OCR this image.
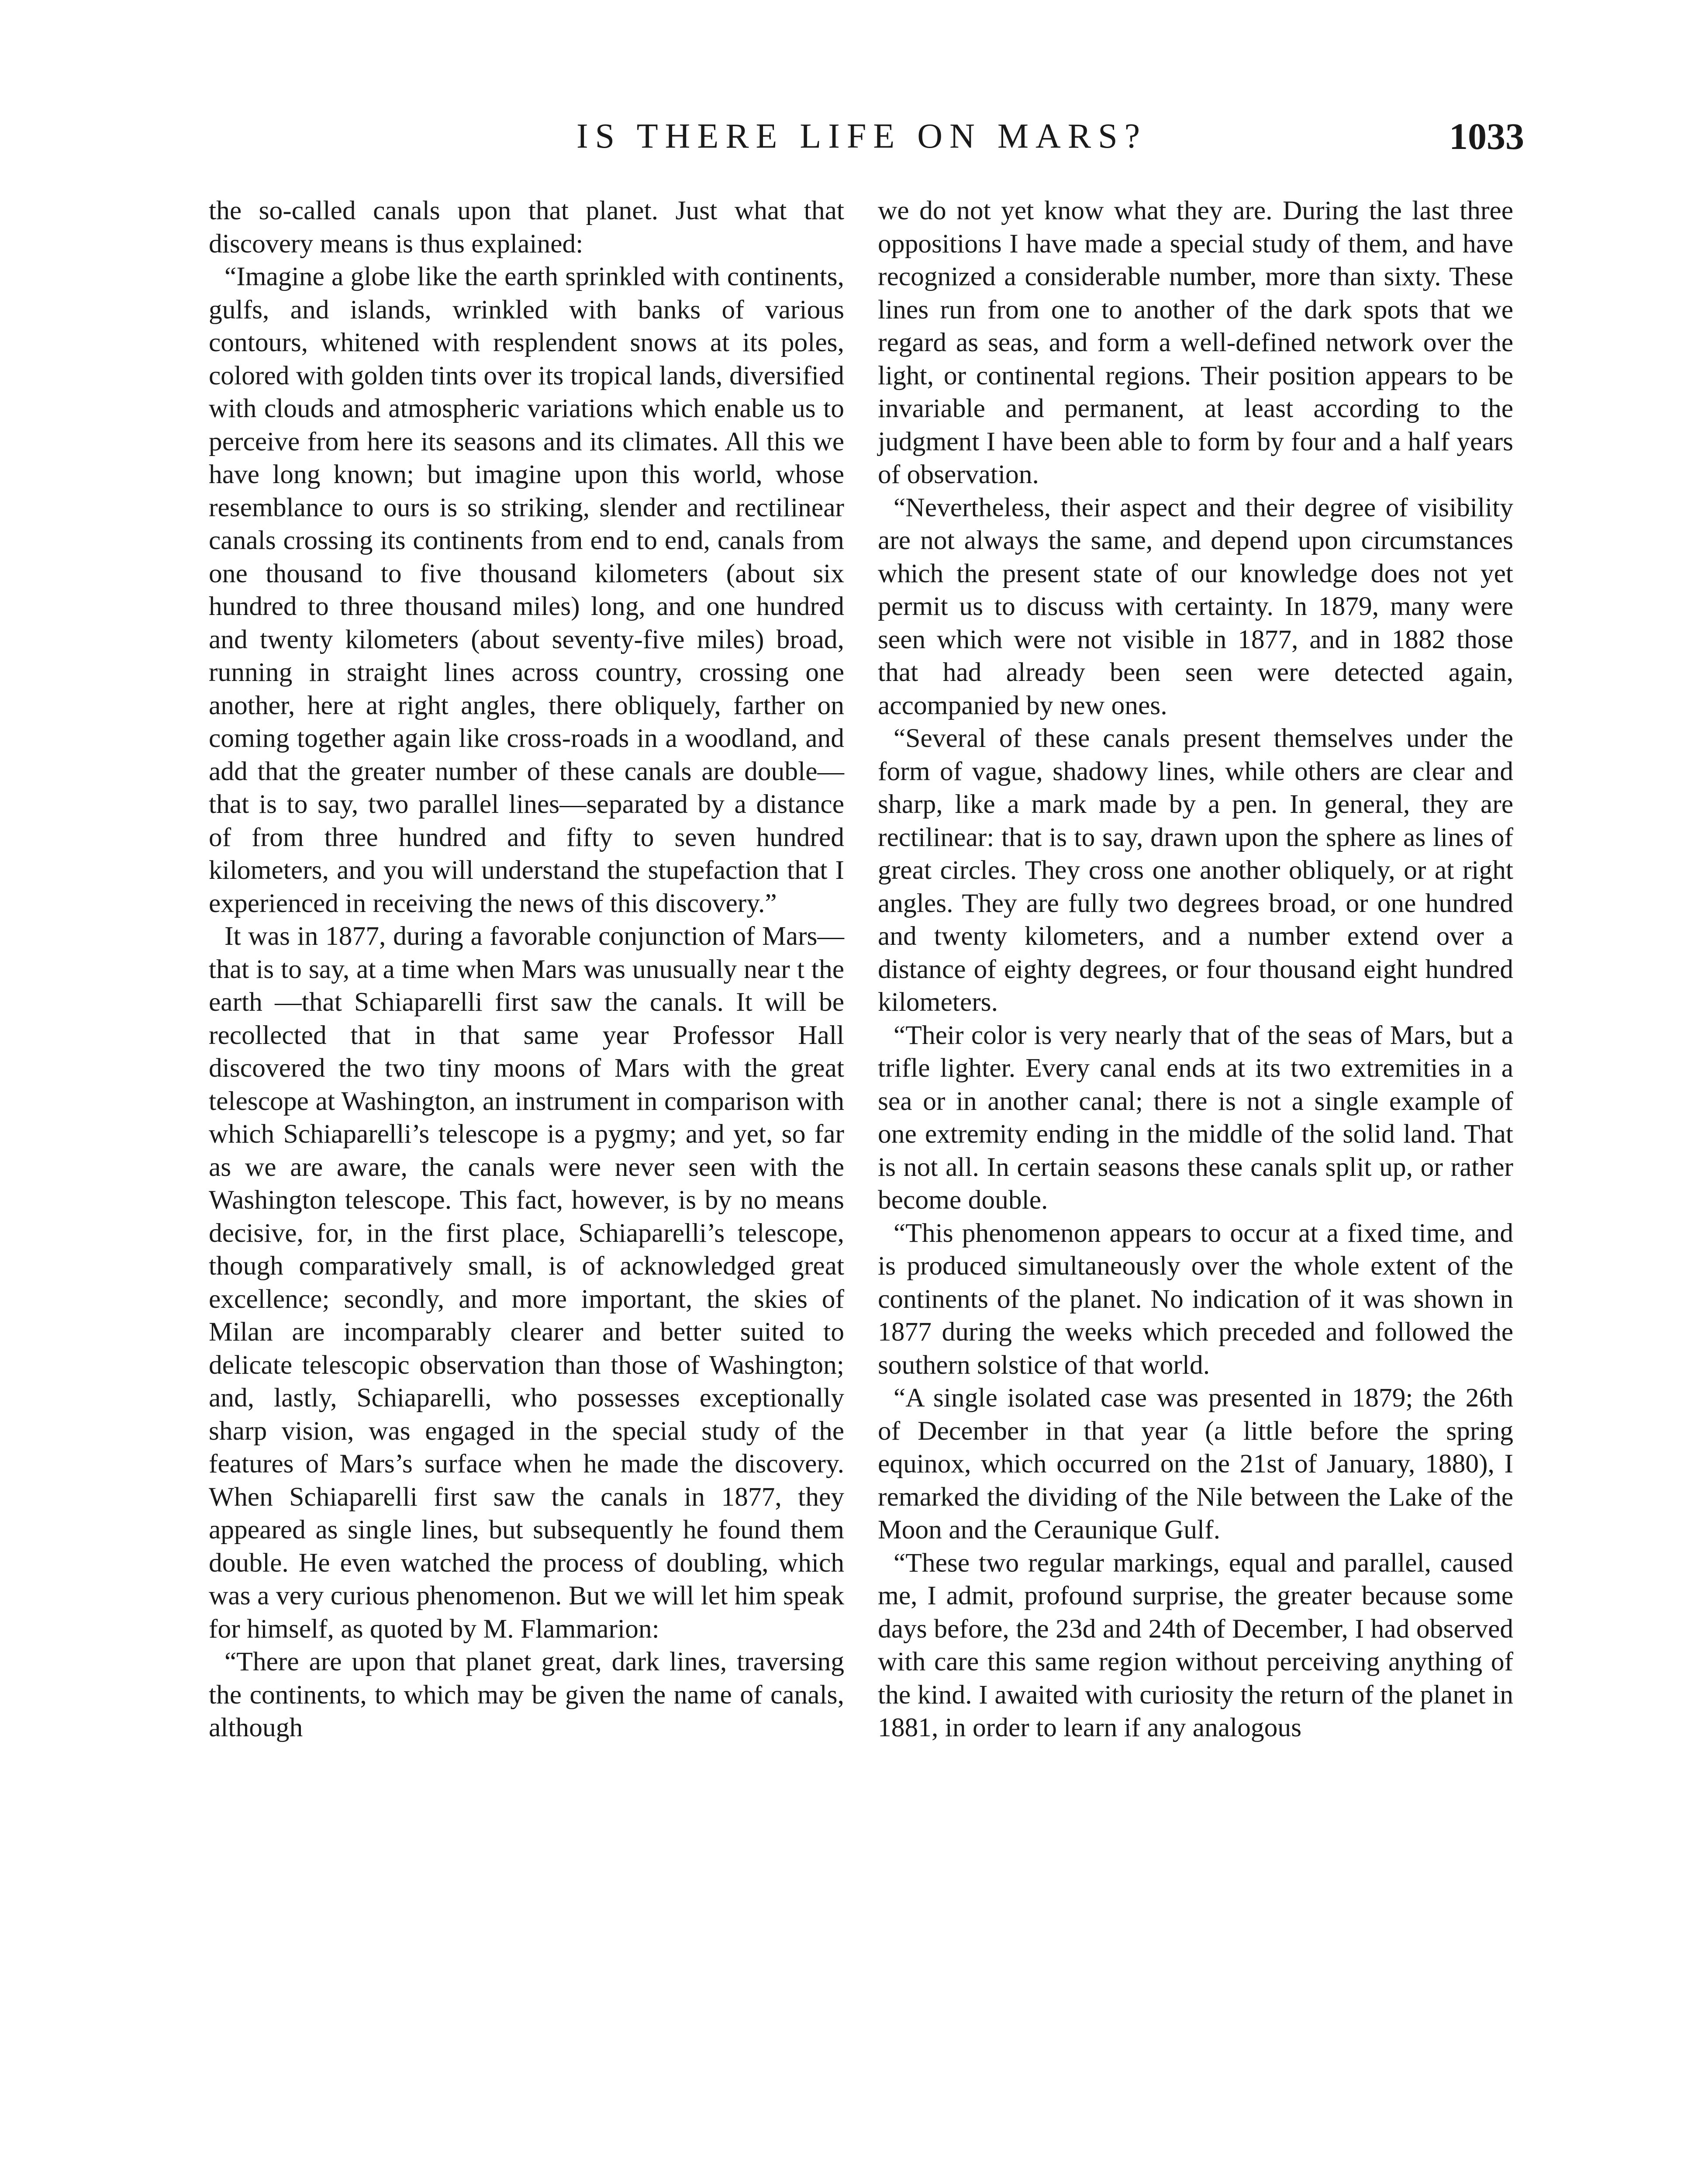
IS THERE LIFE ON MARS?	1033

the so-called canals upon that planet. Just what that discovery means is thus explained:

“Imagine a globe like the earth sprinkled with continents, gulfs, and islands, wrinkled with banks of various contours, whitened with resplendent snows at its poles, colored with golden tints over its tropical lands, diversified with clouds and atmospheric variations which enable us to perceive from here its seasons and its climates. All this we have long known; but imagine upon this world, whose resemblance to ours is so striking, slender and rectilinear canals crossing its continents from end to end, canals from one thousand to five thousand kilometers (about six hundred to three thousand miles) long, and one hundred and twenty kilometers (about seventy-five miles) broad, running in straight lines across country, crossing one another, here at right angles, there obliquely, farther on coming together again like cross-roads in a woodland, and add that the greater number of these canals are double—that is to say, two parallel lines—separated by a distance of from three hundred and fifty to seven hundred kilometers, and you will understand the stupefaction that I experienced in receiving the news of this discovery.”

It was in 1877, during a favorable conjunction of Mars—that is to say, at a time when Mars was unusually near t the earth —that Schiaparelli first saw the canals. It will be recollected that in that same year Professor Hall discovered the two tiny moons of Mars with the great telescope at Washington, an instrument in comparison with which Schiaparelli’s telescope is a pygmy; and yet, so far as we are aware, the canals were never seen with the Washington telescope. This fact, however, is by no means decisive, for, in the first place, Schiaparelli’s telescope, though comparatively small, is of acknowledged great excellence; secondly, and more important, the skies of Milan are incomparably clearer and better suited to delicate telescopic observation than those of Washington; and, lastly, Schiaparelli, who possesses exceptionally sharp vision, was engaged in the special study of the features of Mars’s surface when he made the discovery. When Schiaparelli first saw the canals in 1877, they appeared as single lines, but subsequently he found them double. He even watched the process of doubling, which was a very curious phenomenon. But we will let him speak for himself, as quoted by M. Flammarion:

“There are upon that planet great, dark lines, traversing the continents, to which may be given the name of canals, although

we do not yet know what they are. During the last three oppositions I have made a special study of them, and have recognized a considerable number, more than sixty. These lines run from one to another of the dark spots that we regard as seas, and form a well-defined network over the light, or continental regions. Their position appears to be invariable and permanent, at least according to the judgment I have been able to form by four and a half years of observation.

“Nevertheless, their aspect and their degree of visibility are not always the same, and depend upon circumstances which the present state of our knowledge does not yet permit us to discuss with certainty. In 1879, many were seen which were not visible in 1877, and in 1882 those that had already been seen were detected again, accompanied by new ones.

“Several of these canals present themselves under the form of vague, shadowy lines, while others are clear and sharp, like a mark made by a pen. In general, they are rectilinear: that is to say, drawn upon the sphere as lines of great circles. They cross one another obliquely, or at right angles. They are fully two degrees broad, or one hundred and twenty kilometers, and a number extend over a distance of eighty degrees, or four thousand eight hundred kilometers.

“Their color is very nearly that of the seas of Mars, but a trifle lighter. Every canal ends at its two extremities in a sea or in another canal; there is not a single example of one extremity ending in the middle of the solid land. That is not all. In certain seasons these canals split up, or rather become double.

“This phenomenon appears to occur at a fixed time, and is produced simultaneously over the whole extent of the continents of the planet. No indication of it was shown in 1877 during the weeks which preceded and followed the southern solstice of that world.

“A single isolated case was presented in 1879; the 26th of December in that year (a little before the spring equinox, which occurred on the 21st of January, 1880), I remarked the dividing of the Nile between the Lake of the Moon and the Ceraunique Gulf.

“These two regular markings, equal and parallel, caused me, I admit, profound surprise, the greater because some days before, the 23d and 24th of December, I had observed with care this same region without perceiving anything of the kind. I awaited with curiosity the return of the planet in 1881, in order to learn if any analogous
